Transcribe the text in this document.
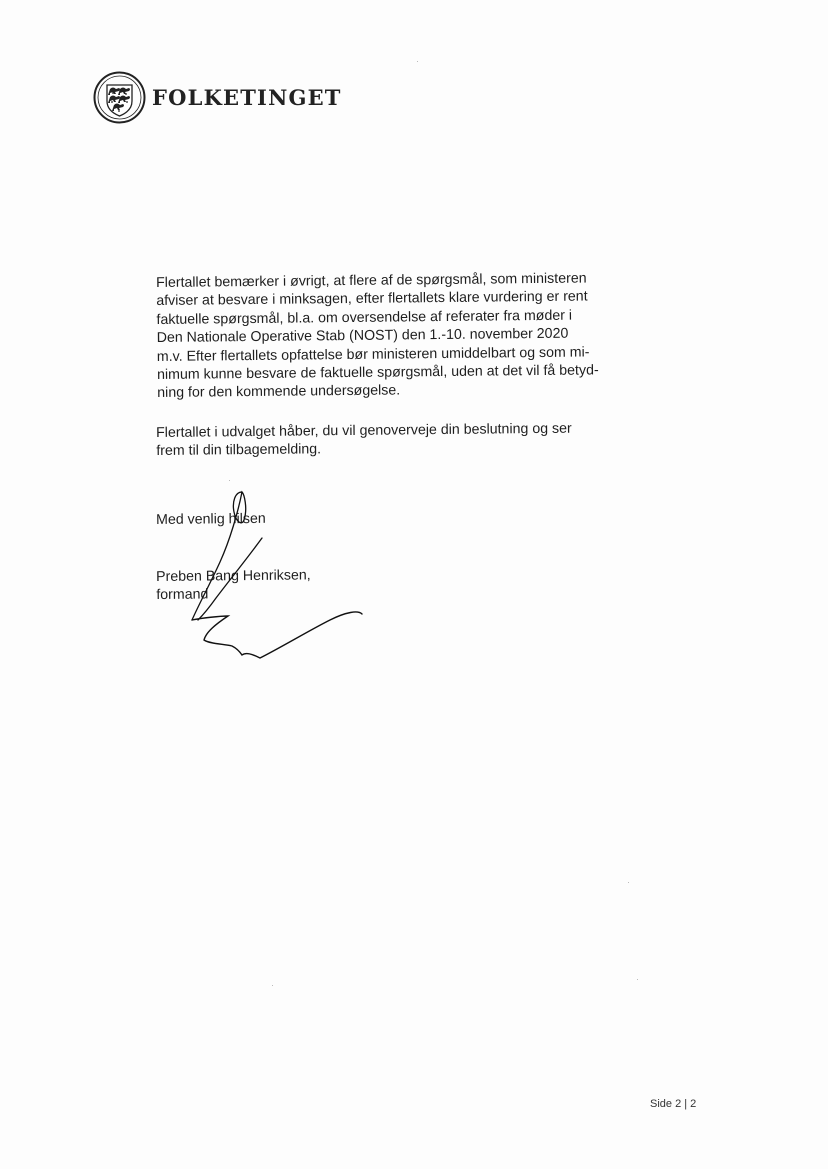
FOLKETINGET
Flertallet bemærker i øvrigt, at flere af de spørgsmål, som ministeren
afviser at besvare i minksagen, efter flertallets klare vurdering er rent
faktuelle spørgsmål, bl.a. om oversendelse af referater fra møder i
Den Nationale Operative Stab (NOST) den 1.-10. november 2020
m.v. Efter flertallets opfattelse bør ministeren umiddelbart og som mi-
nimum kunne besvare de faktuelle spørgsmål, uden at det vil få betyd-
ning for den kommende undersøgelse.
Flertallet i udvalget håber, du vil genoverveje din beslutning og ser
frem til din tilbagemelding.
Med venlig hilsen
Preben Bang Henriksen,
formand
Side 2 | 2
